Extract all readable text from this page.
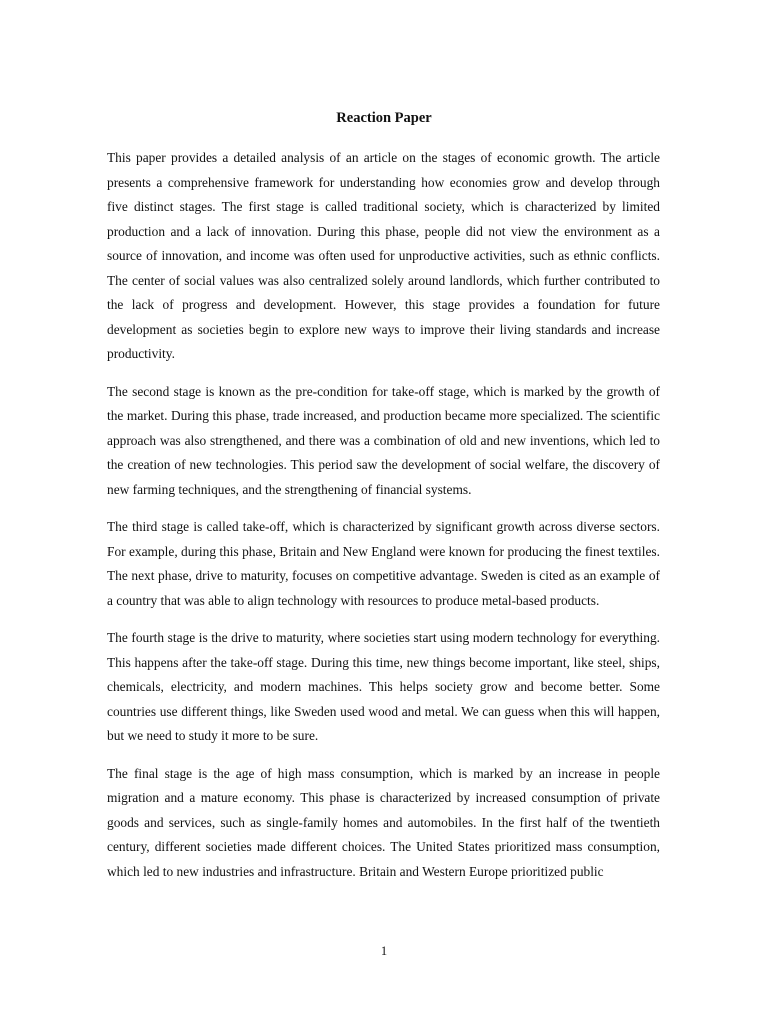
Reaction Paper

This paper provides a detailed analysis of an article on the stages of economic growth. The article presents a comprehensive framework for understanding how economies grow and develop through five distinct stages. The first stage is called traditional society, which is characterized by limited production and a lack of innovation. During this phase, people did not view the environment as a source of innovation, and income was often used for unproductive activities, such as ethnic conflicts. The center of social values was also centralized solely around landlords, which further contributed to the lack of progress and development. However, this stage provides a foundation for future development as societies begin to explore new ways to improve their living standards and increase productivity.

The second stage is known as the pre-condition for take-off stage, which is marked by the growth of the market. During this phase, trade increased, and production became more specialized. The scientific approach was also strengthened, and there was a combination of old and new inventions, which led to the creation of new technologies. This period saw the development of social welfare, the discovery of new farming techniques, and the strengthening of financial systems.

The third stage is called take-off, which is characterized by significant growth across diverse sectors. For example, during this phase, Britain and New England were known for producing the finest textiles. The next phase, drive to maturity, focuses on competitive advantage. Sweden is cited as an example of a country that was able to align technology with resources to produce metal-based products.

The fourth stage is the drive to maturity, where societies start using modern technology for everything. This happens after the take-off stage. During this time, new things become important, like steel, ships, chemicals, electricity, and modern machines. This helps society grow and become better. Some countries use different things, like Sweden used wood and metal. We can guess when this will happen, but we need to study it more to be sure.

The final stage is the age of high mass consumption, which is marked by an increase in people migration and a mature economy. This phase is characterized by increased consumption of private goods and services, such as single-family homes and automobiles. In the first half of the twentieth century, different societies made different choices. The United States prioritized mass consumption, which led to new industries and infrastructure. Britain and Western Europe prioritized public

1
